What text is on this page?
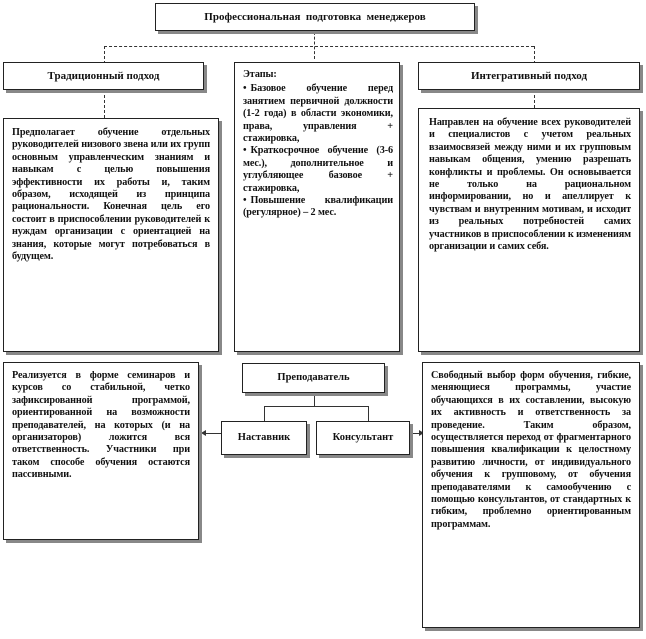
Профессиональная  подготовка  менеджеров
Традиционный подход	Интегративный подход
Этапы:
• Базовое обучение перед занятием первичной должности (1-2 года) в области экономики, права, управления + стажировка,
• Краткосрочное обучение (3-6 мес.), дополнительное и углубляющее базовое + стажировка,
• Повышение квалификации (регулярное) – 2 мес.
Предполагает обучение отдельных руководителей низового звена или их групп основным управленческим знаниям и навыкам с целью повышения эффективности их работы и, таким образом, исходящей из принципа рациональности. Конечная цель его состоит в приспособлении руководителей к нуждам организации с ориентацией на знания, которые могут потребоваться в будущем.
Направлен на обучение всех руководителей и специалистов с учетом реальных взаимосвязей между ними и их групповым навыкам общения, умению разрешать конфликты и проблемы. Он основывается не только на рациональном информировании, но и апеллирует к чувствам и внутренним мотивам, и исходит из реальных потребностей самих участников в приспособлении к изменениям организации и самих себя.
Реализуется в форме семинаров и курсов со стабильной, четко зафиксированной программой, ориентированной на возможности преподавателей, на которых (и на организаторов) ложится вся ответственность. Участники при таком способе обучения остаются пассивными.
Преподаватель
Наставник	Консультант
Свободный выбор форм обучения, гибкие, меняющиеся программы, участие обучающихся в их составлении, высокую их активность и ответственность за проведение. Таким образом, осуществляется переход от фрагментарного повышения квалификации к целостному развитию личности, от индивидуального обучения к групповому, от обучения преподавателями к самообучению с помощью консультантов, от стандартных к гибким, проблемно ориентированным программам.
